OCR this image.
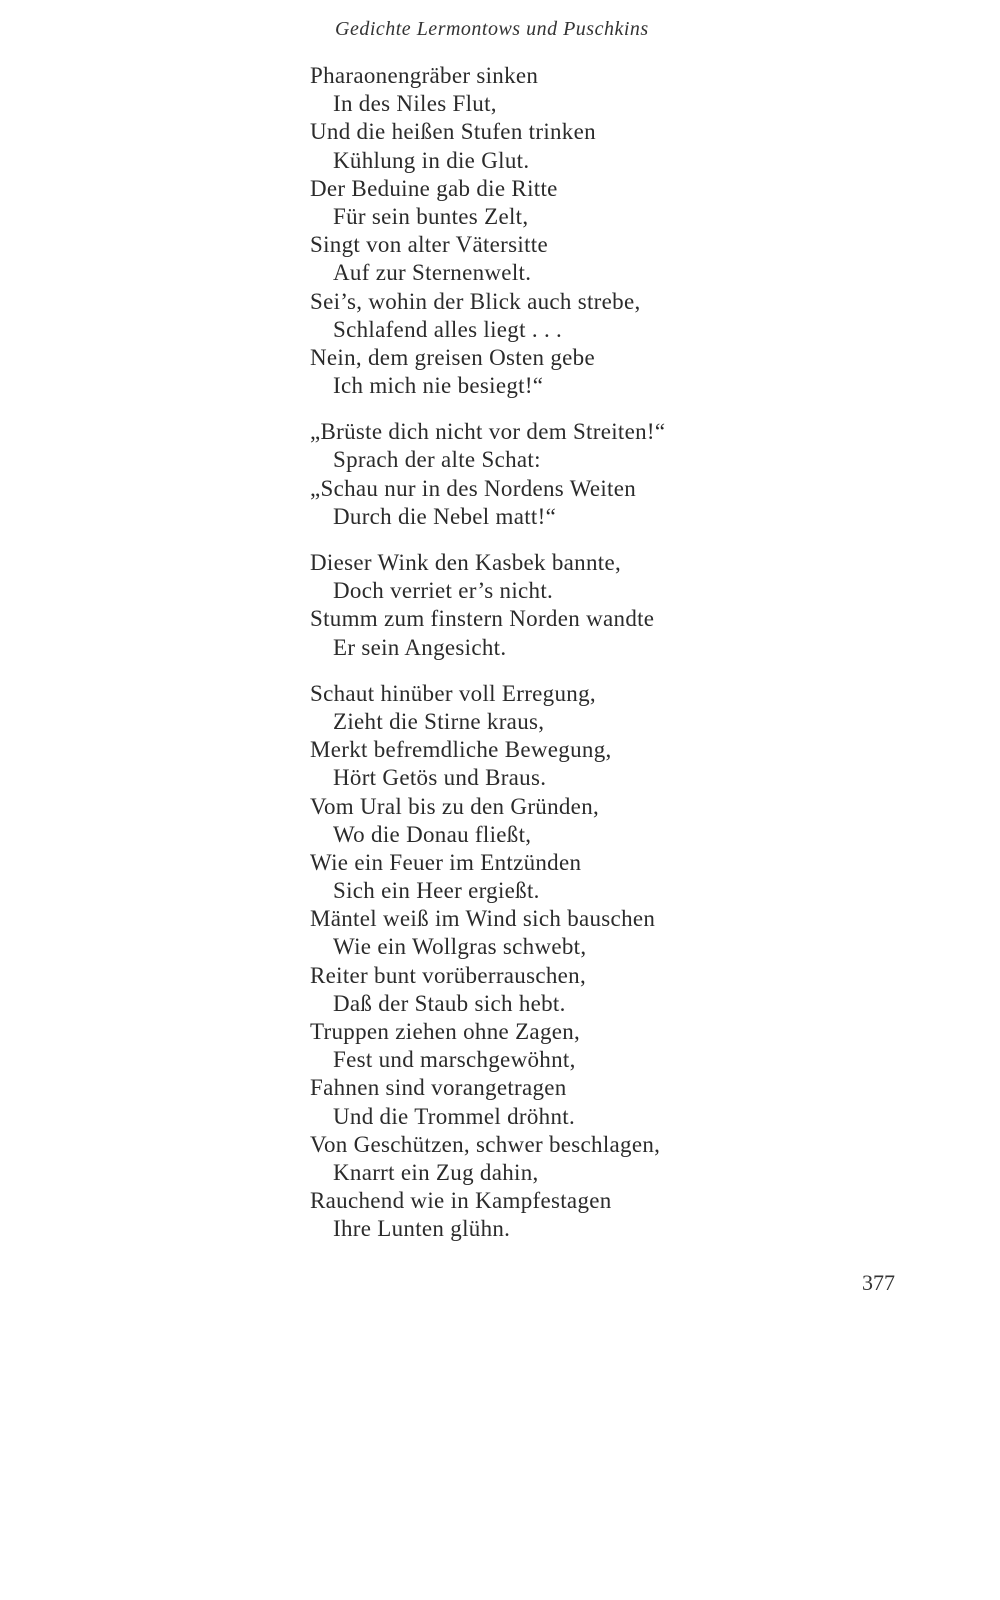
Gedichte Lermontows und Puschkins
Pharaonengräber sinken
In des Niles Flut,
Und die heißen Stufen trinken
Kühlung in die Glut.
Der Beduine gab die Ritte
Für sein buntes Zelt,
Singt von alter Vätersitte
Auf zur Sternenwelt.
Sei’s, wohin der Blick auch strebe,
Schlafend alles liegt . . .
Nein, dem greisen Osten gebe
Ich mich nie besiegt!“
„Brüste dich nicht vor dem Streiten!“
Sprach der alte Schat:
„Schau nur in des Nordens Weiten
Durch die Nebel matt!“
Dieser Wink den Kasbek bannte,
Doch verriet er’s nicht.
Stumm zum finstern Norden wandte
Er sein Angesicht.
Schaut hinüber voll Erregung,
Zieht die Stirne kraus,
Merkt befremdliche Bewegung,
Hört Getös und Braus.
Vom Ural bis zu den Gründen,
Wo die Donau fließt,
Wie ein Feuer im Entzünden
Sich ein Heer ergießt.
Mäntel weiß im Wind sich bauschen
Wie ein Wollgras schwebt,
Reiter bunt vorüberrauschen,
Daß der Staub sich hebt.
Truppen ziehen ohne Zagen,
Fest und marschgewöhnt,
Fahnen sind vorangetragen
Und die Trommel dröhnt.
Von Geschützen, schwer beschlagen,
Knarrt ein Zug dahin,
Rauchend wie in Kampfestagen
Ihre Lunten glühn.
377
